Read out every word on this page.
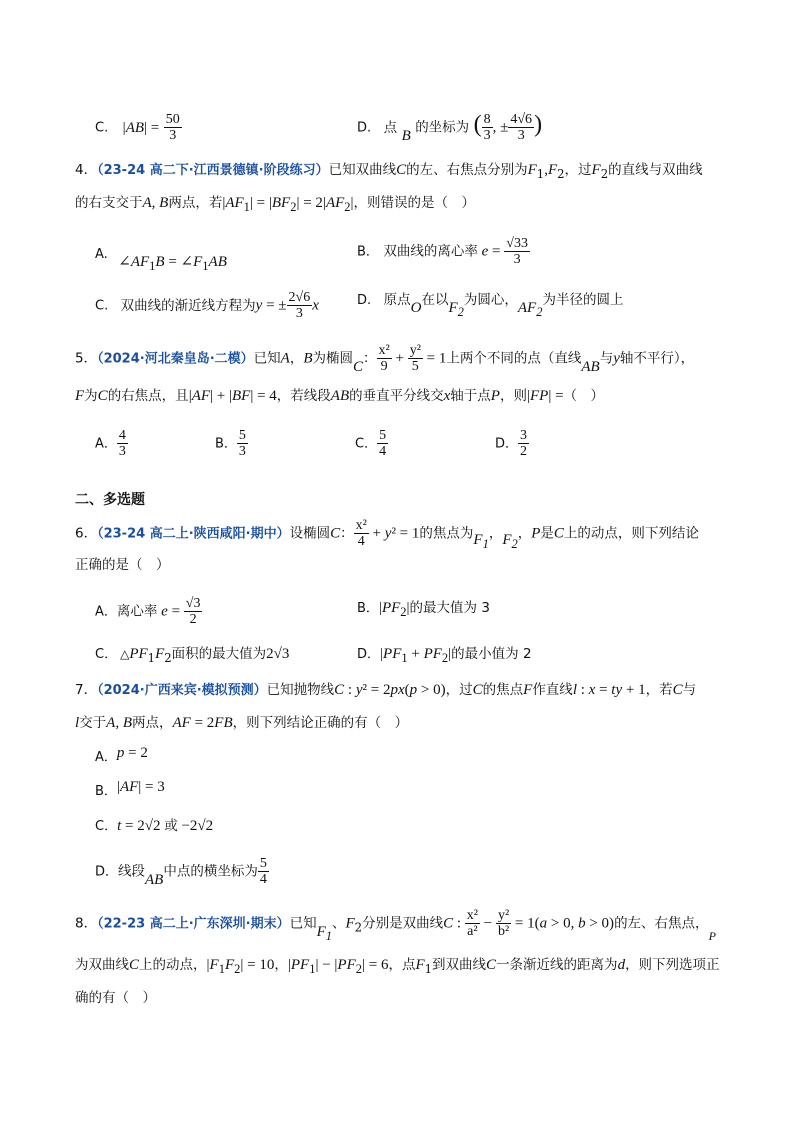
C. $|AB| = \frac{50}{3}$	D. 点 B 的坐标为 ( $\frac{8}{3}$ , ± $\frac{4√6}{3}$ )
4．（23-24 高二下·江西景德镇·阶段练习）已知双曲线C的左、右焦点分别为$F_1,F_2$，过$F_2$的直线与双曲线
的右支交于A, B两点，若$|AF_1| = |BF_2| = 2|AF_2|$，则错误的是（　）
A. $\angle AF_1B$ = $\angle F_1AB$
B． 双曲线的离心率 $e = \frac{√33}{3}$
C. 双曲线的渐近线方程为y = ± $\frac{2√6}{3}$ x	D. 原点O在以$F_2$为圆心，$AF_2$为半径的圆上
5．（2024·河北秦皇岛·二模）已知A，B为椭圆C： $\frac{\text{x²}}{9} + \frac{\text{y²}}{5} = 1$上两个不同的点（直线AB与y轴不平行），
F为C的右焦点，且|AF| + |BF| = 4，若线段AB的垂直平分线交x轴于点P，则|FP| =（　）
A． $\frac{4}{3}$	B． $\frac{5}{3}$	C． $\frac{5}{4}$	D． $\frac{3}{2}$
二、多选题
6．（23-24 高二上·陕西咸阳·期中）设椭圆C： $\frac{\text{x²}}{4} + y^2 = 1$的焦点为$F_1$，$F_2$，P是C上的动点，则下列结论
正确的是（　）
A．离心率 $e = \frac{√3}{2}$	B．$|PF_2|$的最大值为 3
C． $\triangle PF_1F_2$面积的最大值为2√3	D．$|PF_1 + PF_2|$的最小值为 2
7．（2024·广西来宾·模拟预测）已知抛物线C : y² = 2px(p > 0)，过C的焦点F作直线l : x = ty + 1，若C与
l交于A, B两点，AF = 2FB，则下列结论正确的有（　）
A．p = 2
B．|AF| = 3
C．t = 2√2 或 −2√2
D．线段AB中点的横坐标为 $\frac{5}{4}$
8．（22-23 高二上·广东深圳·期末）已知$F_1$、$F_2$分别是双曲线C : $\frac{\text{x²}}{\text{a²}} - \frac{\text{y²}}{\text{b²}} = 1(a > 0$, b > 0)的左、右焦点，P
为双曲线C上的动点，$|F_1F_2| = 10$，$|PF_1| - |PF_2| = 6$，点$F_1$到双曲线C一条渐近线的距离为d，则下列选项正
确的有（　）
